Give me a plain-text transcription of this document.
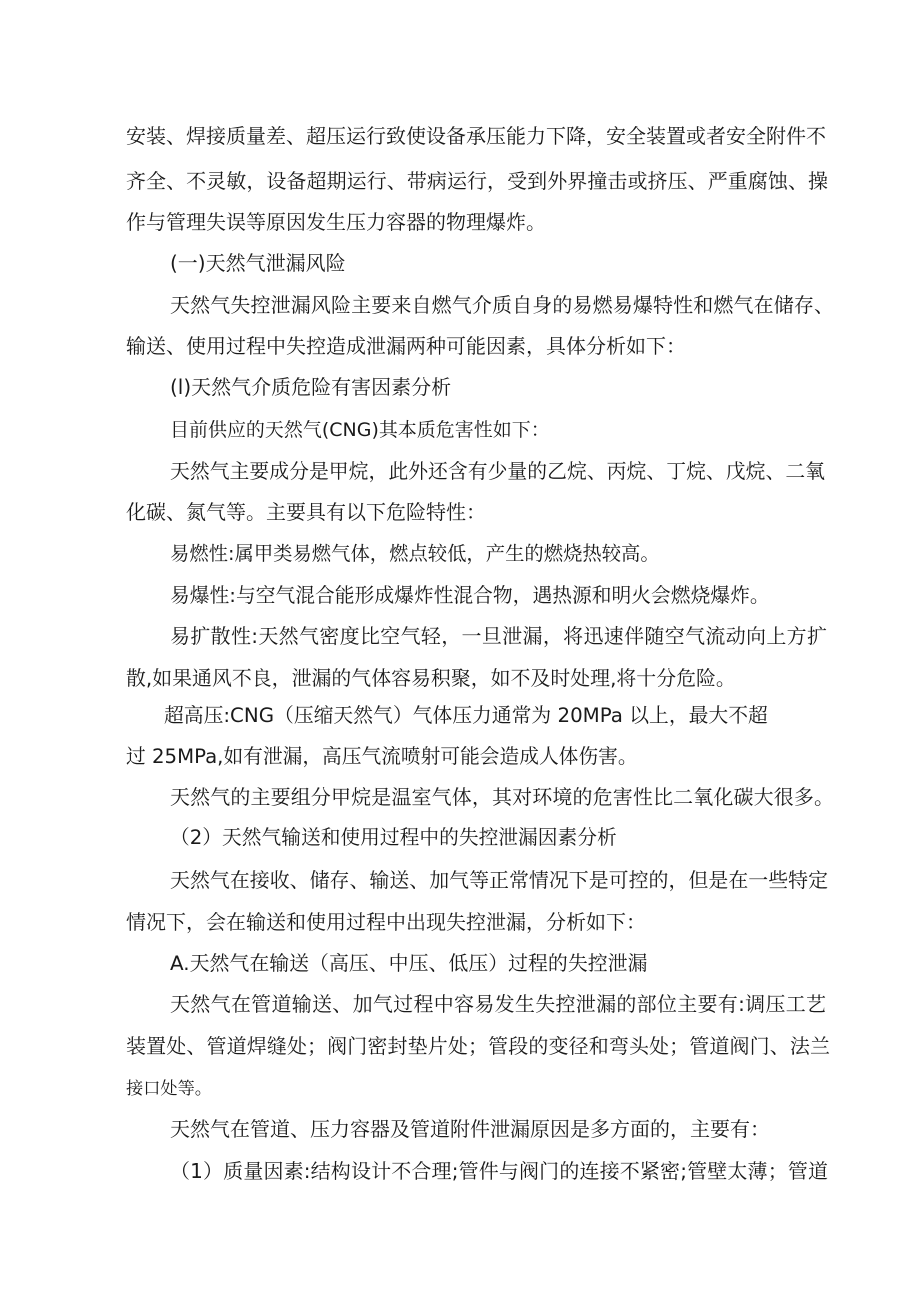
安装、焊接质量差、超压运行致使设备承压能力下降，安全装置或者安全附件不
齐全、不灵敏，设备超期运行、带病运行，受到外界撞击或挤压、严重腐蚀、操
作与管理失误等原因发生压力容器的物理爆炸。
(一)天然气泄漏风险
天然气失控泄漏风险主要来自燃气介质自身的易燃易爆特性和燃气在储存、
输送、使用过程中失控造成泄漏两种可能因素，具体分析如下：
(l)天然气介质危险有害因素分析
目前供应的天然气(CNG)其本质危害性如下：
天然气主要成分是甲烷，此外还含有少量的乙烷、丙烷、丁烷、戊烷、二氧
化碳、氮气等。主要具有以下危险特性：
易燃性:属甲类易燃气体，燃点较低，产生的燃烧热较高。
易爆性:与空气混合能形成爆炸性混合物，遇热源和明火会燃烧爆炸。
易扩散性:天然气密度比空气轻，一旦泄漏，将迅速伴随空气流动向上方扩
散,如果通风不良，泄漏的气体容易积聚，如不及时处理,将十分危险。
超高压:CNG（压缩天然气）气体压力通常为 20MPa 以上，最大不超
过 25MPa,如有泄漏，高压气流喷射可能会造成人体伤害。
天然气的主要组分甲烷是温室气体，其对环境的危害性比二氧化碳大很多。
（2）天然气输送和使用过程中的失控泄漏因素分析
天然气在接收、储存、输送、加气等正常情况下是可控的，但是在一些特定
情况下，会在输送和使用过程中出现失控泄漏，分析如下：
A.天然气在输送（高压、中压、低压）过程的失控泄漏
天然气在管道输送、加气过程中容易发生失控泄漏的部位主要有:调压工艺
装置处、管道焊缝处；阀门密封垫片处；管段的变径和弯头处；管道阀门、法兰
接口处等。
天然气在管道、压力容器及管道附件泄漏原因是多方面的，主要有：
（1）质量因素:结构设计不合理;管件与阀门的连接不紧密;管壁太薄；管道
